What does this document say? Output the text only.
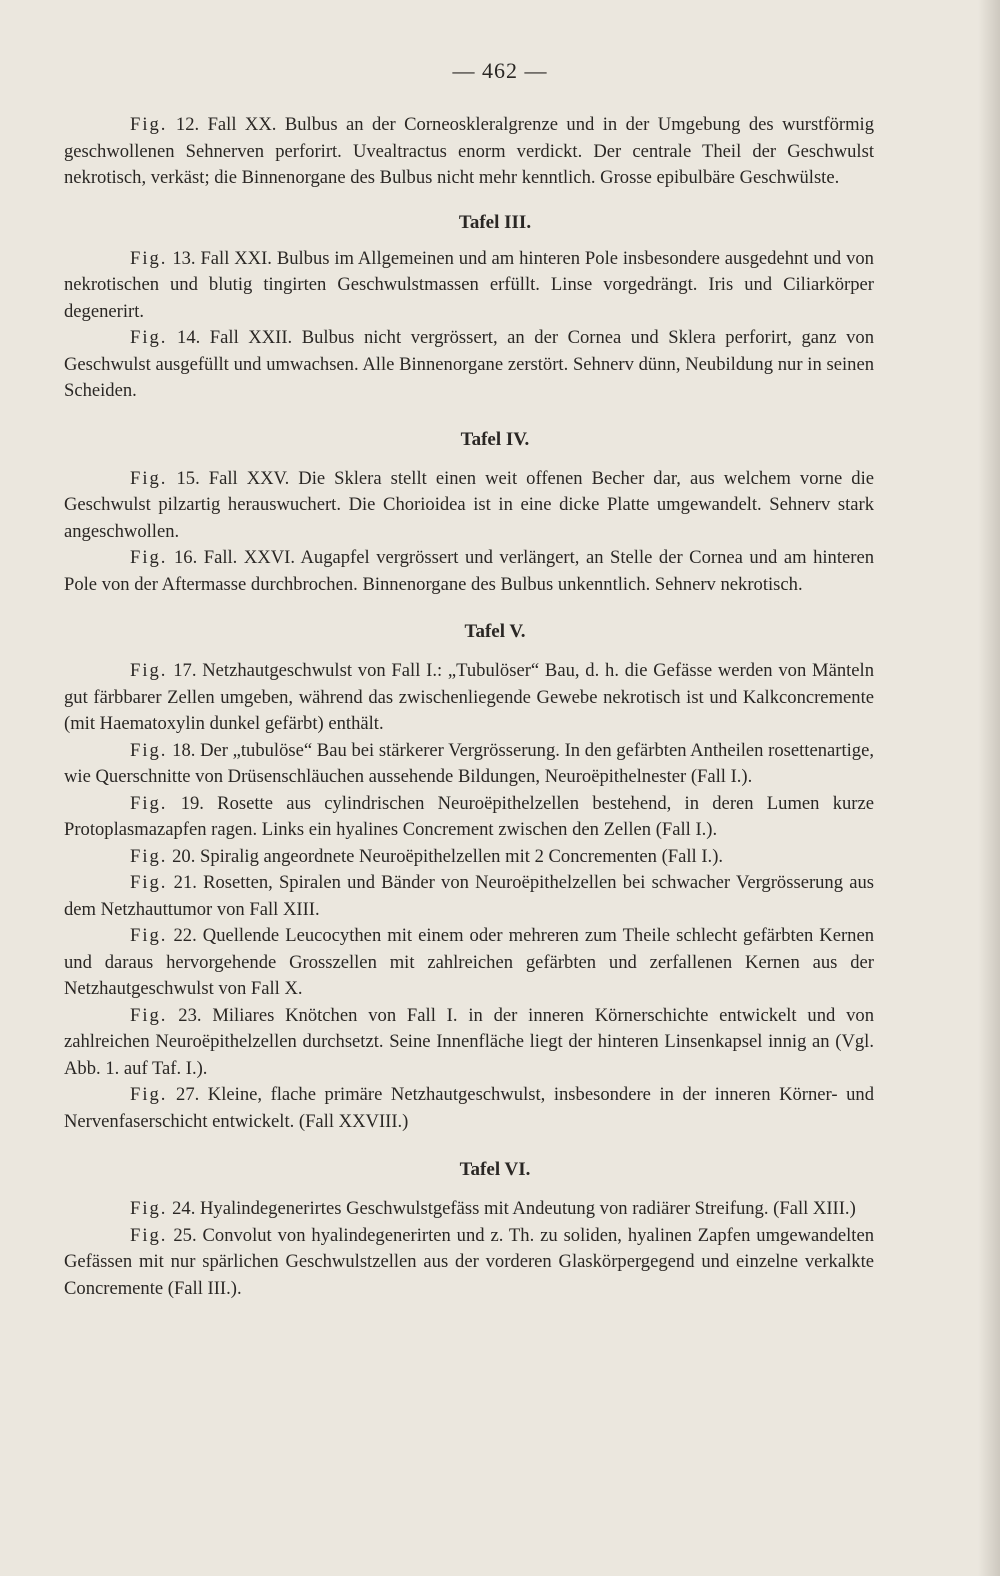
— 462 —

Fig. 12. Fall XX. Bulbus an der Corneoskleralgrenze und in der Umgebung des wurstförmig geschwollenen Sehnerven perforirt. Uvealtractus enorm verdickt. Der centrale Theil der Geschwulst nekrotisch, verkäst; die Binnenorgane des Bulbus nicht mehr kenntlich. Grosse epibulbäre Geschwülste.

Tafel III.

Fig. 13. Fall XXI. Bulbus im Allgemeinen und am hinteren Pole insbesondere ausgedehnt und von nekrotischen und blutig tingirten Geschwulstmassen erfüllt. Linse vorgedrängt. Iris und Ciliarkörper degenerirt.

Fig. 14. Fall XXII. Bulbus nicht vergrössert, an der Cornea und Sklera perforirt, ganz von Geschwulst ausgefüllt und umwachsen. Alle Binnenorgane zerstört. Sehnerv dünn, Neubildung nur in seinen Scheiden.

Tafel IV.

Fig. 15. Fall XXV. Die Sklera stellt einen weit offenen Becher dar, aus welchem vorne die Geschwulst pilzartig herauswuchert. Die Chorioidea ist in eine dicke Platte umgewandelt. Sehnerv stark angeschwollen.

Fig. 16. Fall. XXVI. Augapfel vergrössert und verlängert, an Stelle der Cornea und am hinteren Pole von der Aftermasse durchbrochen. Binnenorgane des Bulbus unkenntlich. Sehnerv nekrotisch.

Tafel V.

Fig. 17. Netzhautgeschwulst von Fall I.: „Tubulöser“ Bau, d. h. die Gefässe werden von Mänteln gut färbbarer Zellen umgeben, während das zwischenliegende Gewebe nekrotisch ist und Kalkconcremente (mit Haematoxylin dunkel gefärbt) enthält.

Fig. 18. Der „tubulöse“ Bau bei stärkerer Vergrösserung. In den gefärbten Antheilen rosettenartige, wie Querschnitte von Drüsenschläuchen aussehende Bildungen, Neuroëpithelnester (Fall I.).

Fig. 19. Rosette aus cylindrischen Neuroëpithelzellen bestehend, in deren Lumen kurze Protoplasmazapfen ragen. Links ein hyalines Concrement zwischen den Zellen (Fall I.).

Fig. 20. Spiralig angeordnete Neuroëpithelzellen mit 2 Concrementen (Fall I.).

Fig. 21. Rosetten, Spiralen und Bänder von Neuroëpithelzellen bei schwacher Vergrösserung aus dem Netzhauttumor von Fall XIII.

Fig. 22. Quellende Leucocythen mit einem oder mehreren zum Theile schlecht gefärbten Kernen und daraus hervorgehende Grosszellen mit zahlreichen gefärbten und zerfallenen Kernen aus der Netzhautgeschwulst von Fall X.

Fig. 23. Miliares Knötchen von Fall I. in der inneren Körnerschichte entwickelt und von zahlreichen Neuroëpithelzellen durchsetzt. Seine Innenfläche liegt der hinteren Linsenkapsel innig an (Vgl. Abb. 1. auf Taf. I.).

Fig. 27. Kleine, flache primäre Netzhautgeschwulst, insbesondere in der inneren Körner- und Nervenfaserschicht entwickelt. (Fall XXVIII.)

Tafel VI.

Fig. 24. Hyalindegenerirtes Geschwulstgefäss mit Andeutung von radiärer Streifung. (Fall XIII.)

Fig. 25. Convolut von hyalindegenerirten und z. Th. zu soliden, hyalinen Zapfen umgewandelten Gefässen mit nur spärlichen Geschwulstzellen aus der vorderen Glaskörpergegend und einzelne verkalkte Concremente (Fall III.).
